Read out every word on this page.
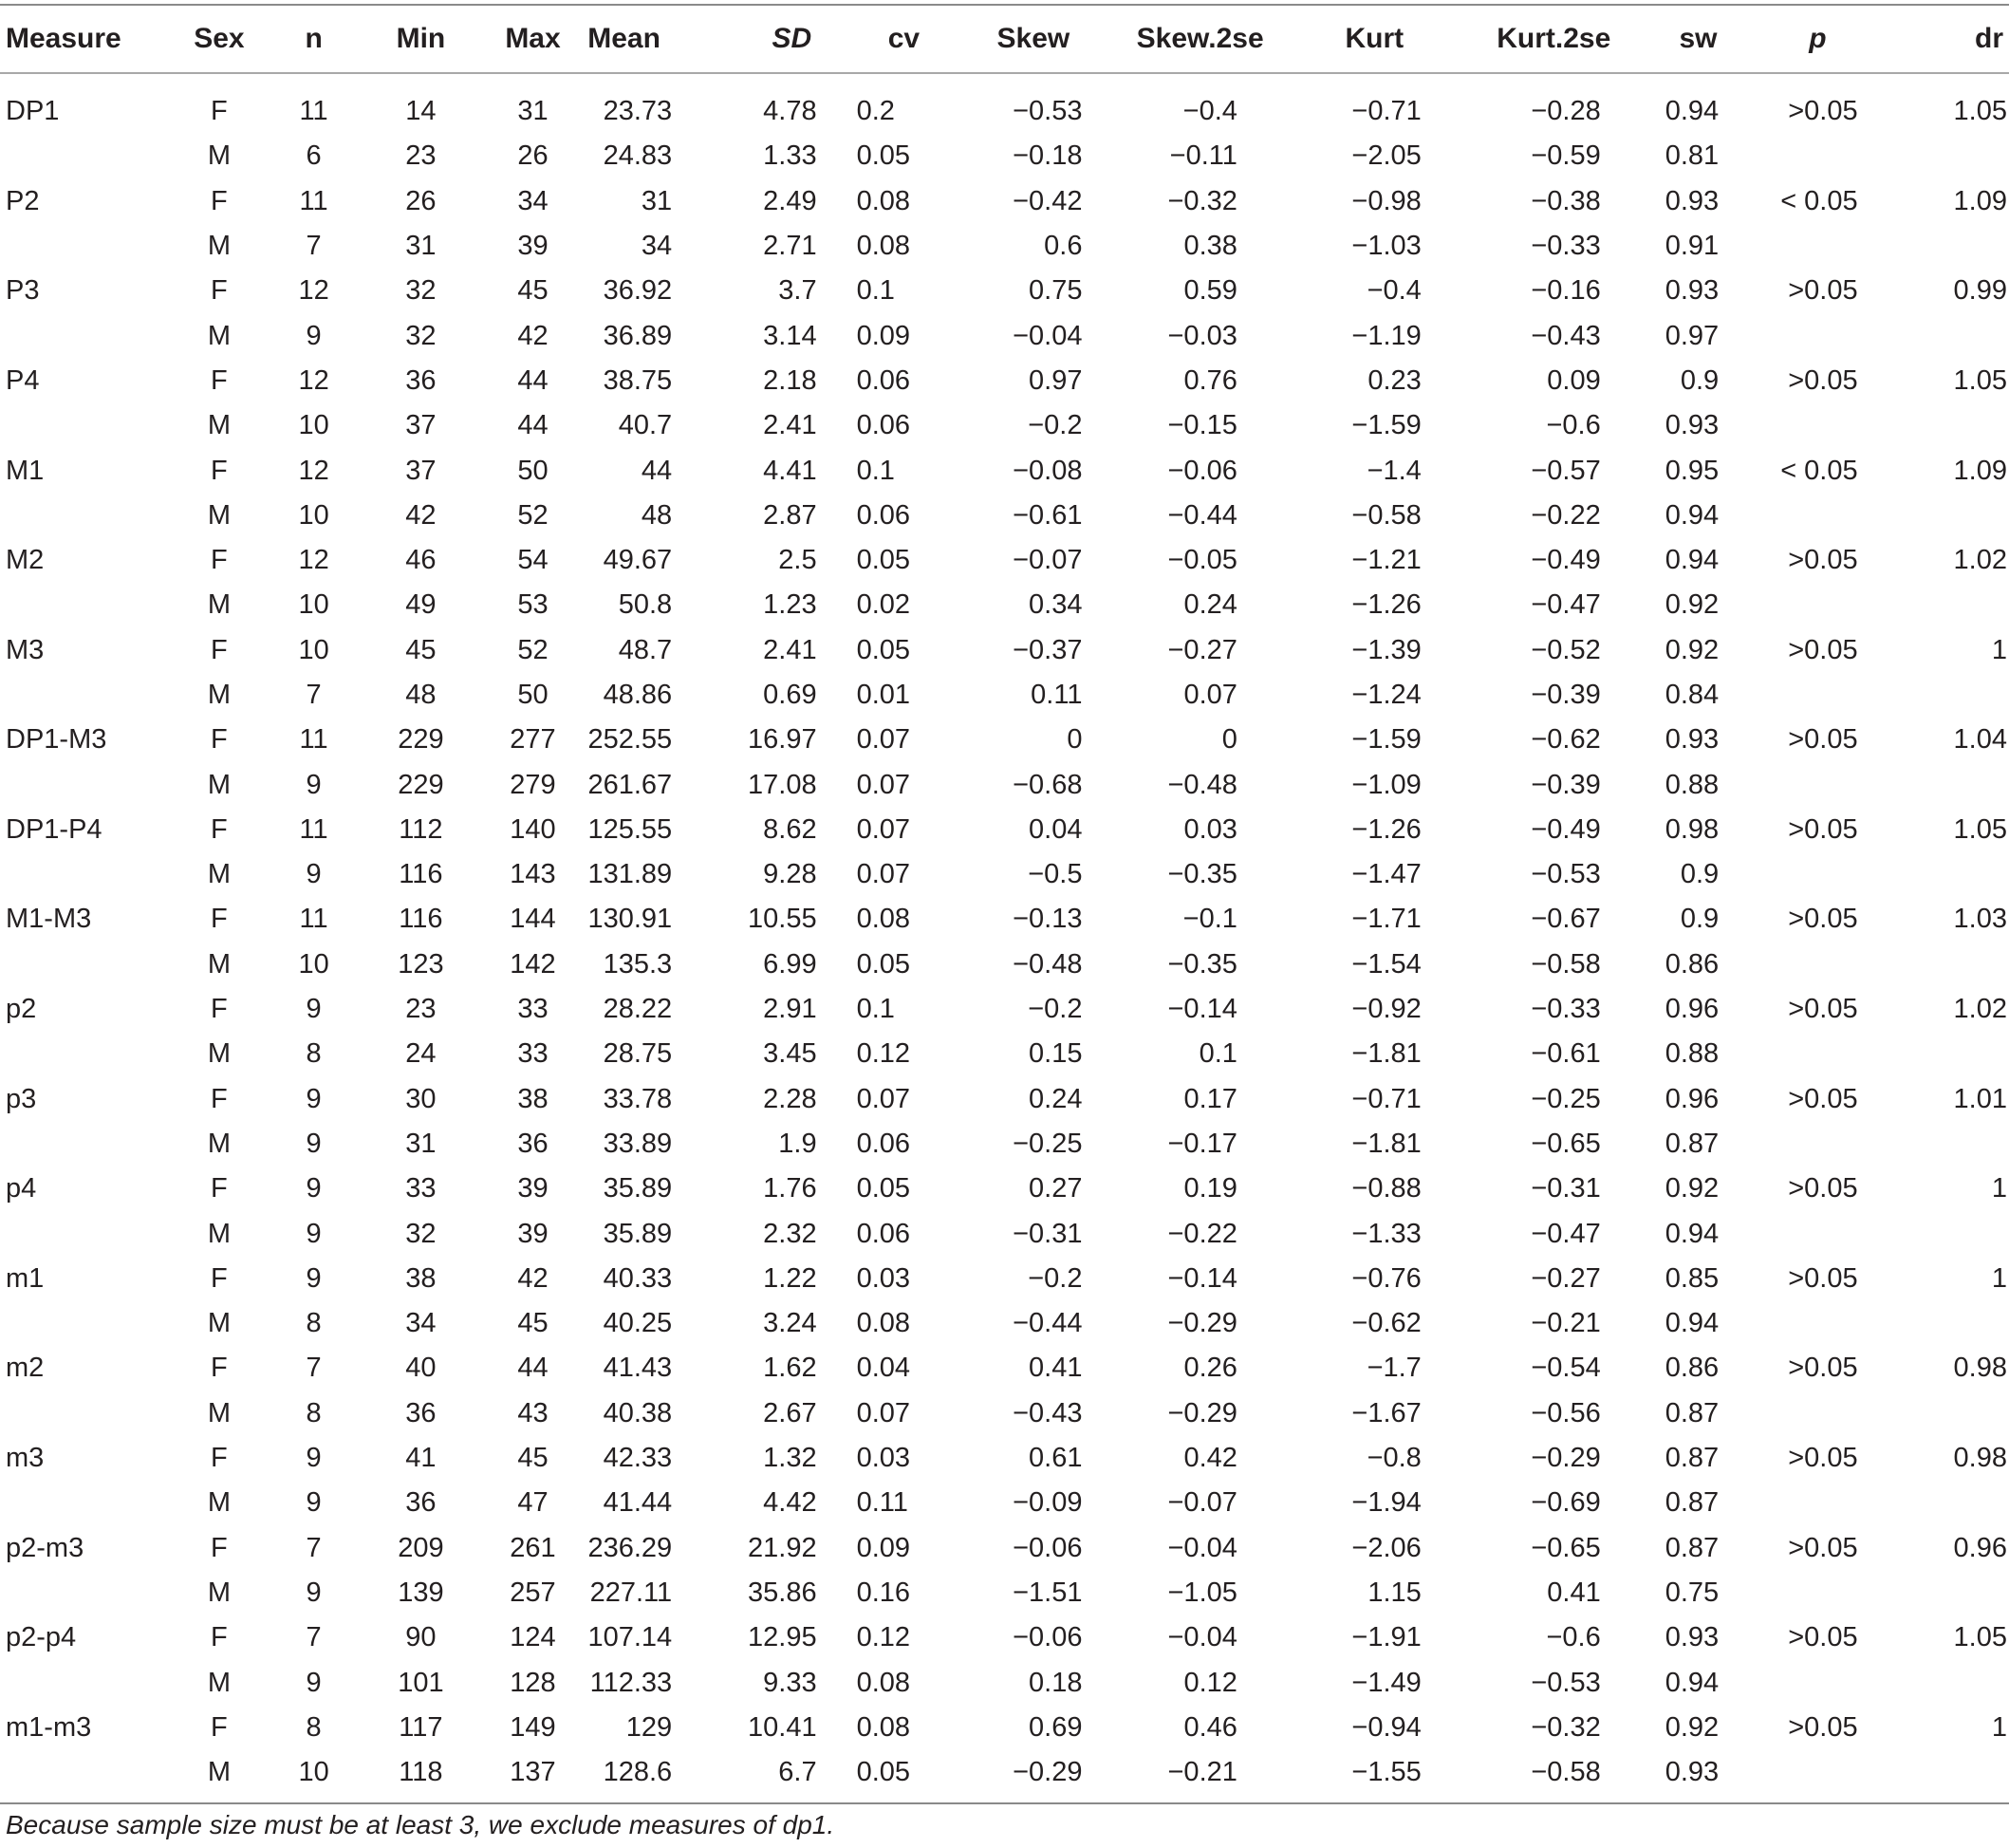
Measure	Sex	n	Min	Max	Mean	SD	cv	Skew	Skew.2se	Kurt	Kurt.2se	sw	p	dr
DP1	F	11	14	31	23.73	4.78	0.2	−0.53	−0.4	−0.71	−0.28	0.94	>0.05	1.05
	M	6	23	26	24.83	1.33	0.05	−0.18	−0.11	−2.05	−0.59	0.81		
P2	F	11	26	34	31	2.49	0.08	−0.42	−0.32	−0.98	−0.38	0.93	< 0.05	1.09
	M	7	31	39	34	2.71	0.08	0.6	0.38	−1.03	−0.33	0.91		
P3	F	12	32	45	36.92	3.7	0.1	0.75	0.59	−0.4	−0.16	0.93	>0.05	0.99
	M	9	32	42	36.89	3.14	0.09	−0.04	−0.03	−1.19	−0.43	0.97		
P4	F	12	36	44	38.75	2.18	0.06	0.97	0.76	0.23	0.09	0.9	>0.05	1.05
	M	10	37	44	40.7	2.41	0.06	−0.2	−0.15	−1.59	−0.6	0.93		
M1	F	12	37	50	44	4.41	0.1	−0.08	−0.06	−1.4	−0.57	0.95	< 0.05	1.09
	M	10	42	52	48	2.87	0.06	−0.61	−0.44	−0.58	−0.22	0.94		
M2	F	12	46	54	49.67	2.5	0.05	−0.07	−0.05	−1.21	−0.49	0.94	>0.05	1.02
	M	10	49	53	50.8	1.23	0.02	0.34	0.24	−1.26	−0.47	0.92		
M3	F	10	45	52	48.7	2.41	0.05	−0.37	−0.27	−1.39	−0.52	0.92	>0.05	1
	M	7	48	50	48.86	0.69	0.01	0.11	0.07	−1.24	−0.39	0.84		
DP1-M3	F	11	229	277	252.55	16.97	0.07	0	0	−1.59	−0.62	0.93	>0.05	1.04
	M	9	229	279	261.67	17.08	0.07	−0.68	−0.48	−1.09	−0.39	0.88		
DP1-P4	F	11	112	140	125.55	8.62	0.07	0.04	0.03	−1.26	−0.49	0.98	>0.05	1.05
	M	9	116	143	131.89	9.28	0.07	−0.5	−0.35	−1.47	−0.53	0.9		
M1-M3	F	11	116	144	130.91	10.55	0.08	−0.13	−0.1	−1.71	−0.67	0.9	>0.05	1.03
	M	10	123	142	135.3	6.99	0.05	−0.48	−0.35	−1.54	−0.58	0.86		
p2	F	9	23	33	28.22	2.91	0.1	−0.2	−0.14	−0.92	−0.33	0.96	>0.05	1.02
	M	8	24	33	28.75	3.45	0.12	0.15	0.1	−1.81	−0.61	0.88		
p3	F	9	30	38	33.78	2.28	0.07	0.24	0.17	−0.71	−0.25	0.96	>0.05	1.01
	M	9	31	36	33.89	1.9	0.06	−0.25	−0.17	−1.81	−0.65	0.87		
p4	F	9	33	39	35.89	1.76	0.05	0.27	0.19	−0.88	−0.31	0.92	>0.05	1
	M	9	32	39	35.89	2.32	0.06	−0.31	−0.22	−1.33	−0.47	0.94		
m1	F	9	38	42	40.33	1.22	0.03	−0.2	−0.14	−0.76	−0.27	0.85	>0.05	1
	M	8	34	45	40.25	3.24	0.08	−0.44	−0.29	−0.62	−0.21	0.94		
m2	F	7	40	44	41.43	1.62	0.04	0.41	0.26	−1.7	−0.54	0.86	>0.05	0.98
	M	8	36	43	40.38	2.67	0.07	−0.43	−0.29	−1.67	−0.56	0.87		
m3	F	9	41	45	42.33	1.32	0.03	0.61	0.42	−0.8	−0.29	0.87	>0.05	0.98
	M	9	36	47	41.44	4.42	0.11	−0.09	−0.07	−1.94	−0.69	0.87		
p2-m3	F	7	209	261	236.29	21.92	0.09	−0.06	−0.04	−2.06	−0.65	0.87	>0.05	0.96
	M	9	139	257	227.11	35.86	0.16	−1.51	−1.05	1.15	0.41	0.75		
p2-p4	F	7	90	124	107.14	12.95	0.12	−0.06	−0.04	−1.91	−0.6	0.93	>0.05	1.05
	M	9	101	128	112.33	9.33	0.08	0.18	0.12	−1.49	−0.53	0.94		
m1-m3	F	8	117	149	129	10.41	0.08	0.69	0.46	−0.94	−0.32	0.92	>0.05	1
	M	10	118	137	128.6	6.7	0.05	−0.29	−0.21	−1.55	−0.58	0.93		
Because sample size must be at least 3, we exclude measures of dp1.
